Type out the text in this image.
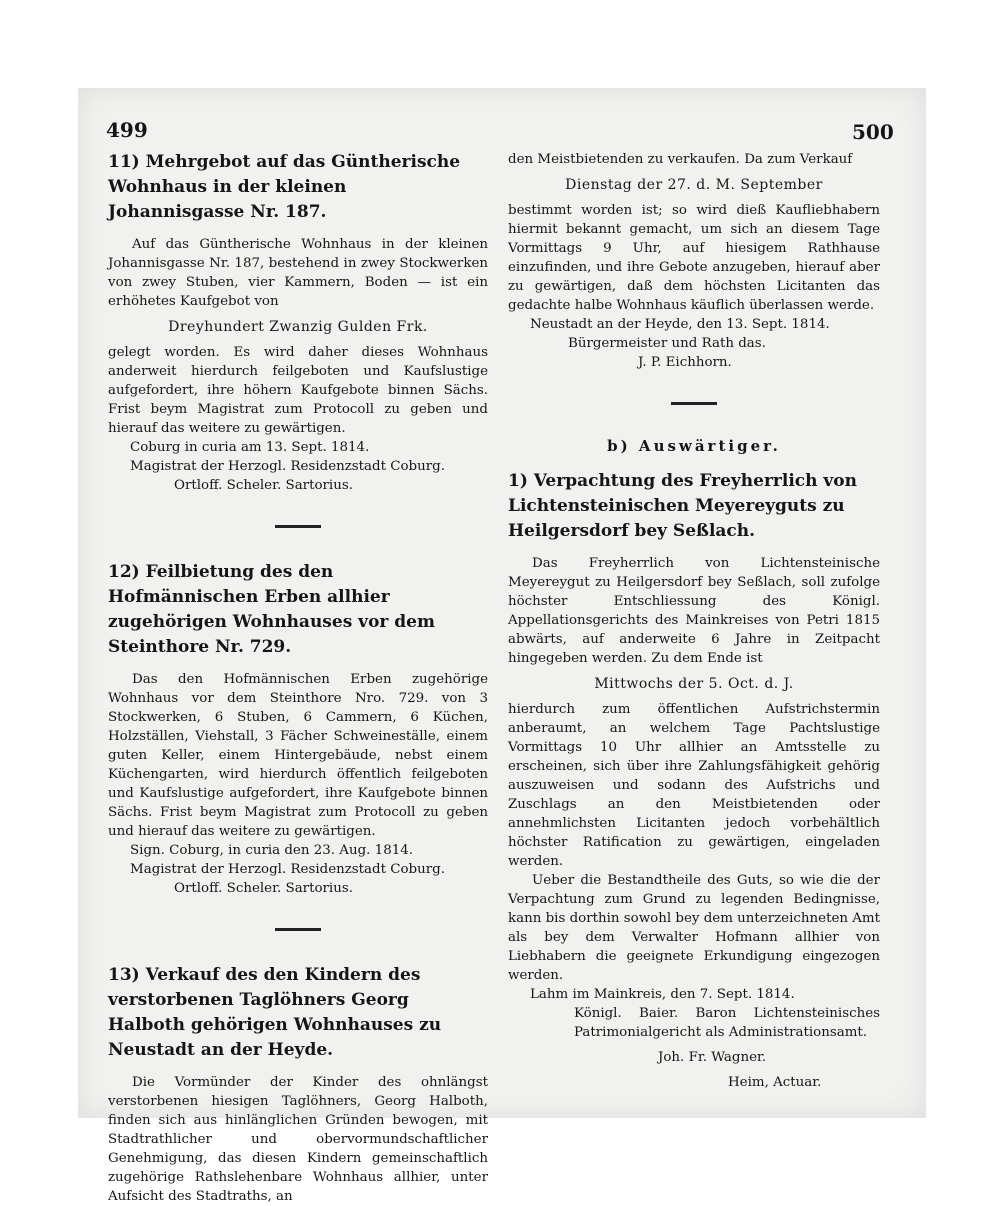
499	500

11) Mehrgebot auf das Güntherische Wohnhaus in der kleinen Johannisgasse Nr. 187.

Auf das Güntherische Wohnhaus in der kleinen Johannisgasse Nr. 187, bestehend in zwey Stockwerken von zwey Stuben, vier Kammern, Boden — ist ein erhöhetes Kaufgebot von

Dreyhundert Zwanzig Gulden Frk.

gelegt worden. Es wird daher dieses Wohnhaus anderweit hierdurch feilgeboten und Kaufslustige aufgefordert, ihre höhern Kaufgebote binnen Sächs. Frist beym Magistrat zum Protocoll zu geben und hierauf das weitere zu gewärtigen.

Coburg in curia am 13. Sept. 1814.

Magistrat der Herzogl. Residenzstadt Coburg.

Ortloff. Scheler. Sartorius.

12) Feilbietung des den Hofmännischen Erben allhier zugehörigen Wohnhauses vor dem Steinthore Nr. 729.

Das den Hofmännischen Erben zugehörige Wohnhaus vor dem Steinthore Nro. 729. von 3 Stockwerken, 6 Stuben, 6 Cammern, 6 Küchen, Holzställen, Viehstall, 3 Fächer Schweineställe, einem guten Keller, einem Hintergebäude, nebst einem Küchengarten, wird hierdurch öffentlich feilgeboten und Kaufslustige aufgefordert, ihre Kaufgebote binnen Sächs. Frist beym Magistrat zum Protocoll zu geben und hierauf das weitere zu gewärtigen.

Sign. Coburg, in curia den 23. Aug. 1814.

Magistrat der Herzogl. Residenzstadt Coburg.

Ortloff. Scheler. Sartorius.

13) Verkauf des den Kindern des verstorbenen Taglöhners Georg Halboth gehörigen Wohnhauses zu Neustadt an der Heyde.

Die Vormünder der Kinder des ohnlängst verstorbenen hiesigen Taglöhners, Georg Halboth, finden sich aus hinlänglichen Gründen bewogen, mit Stadtrathlicher und obervormundschaftlicher Genehmigung, das diesen Kindern gemeinschaftlich zugehörige Rathslehenbare Wohnhaus allhier, unter Aufsicht des Stadtraths, an

den Meistbietenden zu verkaufen. Da zum Verkauf

Dienstag der 27. d. M. September

bestimmt worden ist; so wird dieß Kaufliebhabern hiermit bekannt gemacht, um sich an diesem Tage Vormittags 9 Uhr, auf hiesigem Rathhause einzufinden, und ihre Gebote anzugeben, hierauf aber zu gewärtigen, daß dem höchsten Licitanten das gedachte halbe Wohnhaus käuflich überlassen werde.

Neustadt an der Heyde, den 13. Sept. 1814.

Bürgermeister und Rath das.

J. P. Eichhorn.

b) Auswärtiger.

1) Verpachtung des Freyherrlich von Lichtensteinischen Meyereyguts zu Heilgersdorf bey Seßlach.

Das Freyherrlich von Lichtensteinische Meyereygut zu Heilgersdorf bey Seßlach, soll zufolge höchster Entschliessung des Königl. Appellationsgerichts des Mainkreises von Petri 1815 abwärts, auf anderweite 6 Jahre in Zeitpacht hingegeben werden. Zu dem Ende ist

Mittwochs der 5. Oct. d. J.

hierdurch zum öffentlichen Aufstrichstermin anberaumt, an welchem Tage Pachtslustige Vormittags 10 Uhr allhier an Amtsstelle zu erscheinen, sich über ihre Zahlungsfähigkeit gehörig auszuweisen und sodann des Aufstrichs und Zuschlags an den Meistbietenden oder annehmlichsten Licitanten jedoch vorbehältlich höchster Ratification zu gewärtigen, eingeladen werden.

Ueber die Bestandtheile des Guts, so wie die der Verpachtung zum Grund zu legenden Bedingnisse, kann bis dorthin sowohl bey dem unterzeichneten Amt als bey dem Verwalter Hofmann allhier von Liebhabern die geeignete Erkundigung eingezogen werden.

Lahm im Mainkreis, den 7. Sept. 1814.

Königl. Baier. Baron Lichtensteinisches Patrimonialgericht als Administrationsamt.

Joh. Fr. Wagner.

Heim, Actuar.
